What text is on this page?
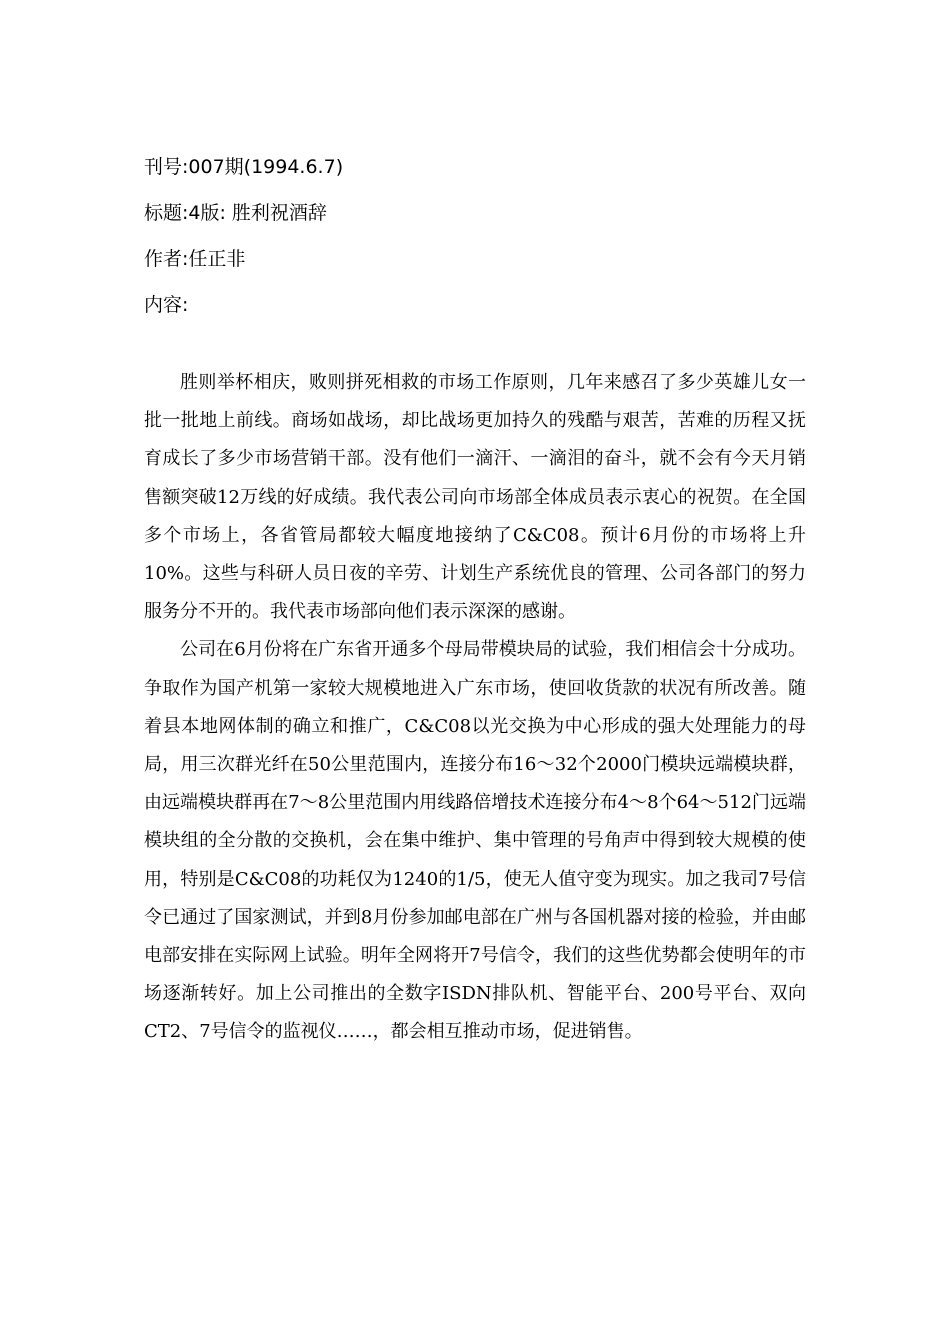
刊号:007期(1994.6.7)
标题:4版: 胜利祝酒辞
作者:任正非
内容:

胜则举杯相庆，败则拼死相救的市场工作原则，几年来感召了多少英雄儿女一批一批地上前线。商场如战场，却比战场更加持久的残酷与艰苦，苦难的历程又抚育成长了多少市场营销干部。没有他们一滴汗、一滴泪的奋斗，就不会有今天月销售额突破12万线的好成绩。我代表公司向市场部全体成员表示衷心的祝贺。在全国多个市场上，各省管局都较大幅度地接纳了C&C08。预计6月份的市场将上升10%。这些与科研人员日夜的辛劳、计划生产系统优良的管理、公司各部门的努力服务分不开的。我代表市场部向他们表示深深的感谢。

公司在6月份将在广东省开通多个母局带模块局的试验，我们相信会十分成功。争取作为国产机第一家较大规模地进入广东市场，使回收货款的状况有所改善。随着县本地网体制的确立和推广，C&C08以光交换为中心形成的强大处理能力的母局，用三次群光纤在50公里范围内，连接分布16～32个2000门模块远端模块群，由远端模块群再在7～8公里范围内用线路倍增技术连接分布4～8个64～512门远端模块组的全分散的交换机，会在集中维护、集中管理的号角声中得到较大规模的使用，特别是C&C08的功耗仅为1240的1/5，使无人值守变为现实。加之我司7号信令已通过了国家测试，并到8月份参加邮电部在广州与各国机器对接的检验，并由邮电部安排在实际网上试验。明年全网将开7号信令，我们的这些优势都会使明年的市场逐渐转好。加上公司推出的全数字ISDN排队机、智能平台、200号平台、双向CT2、7号信令的监视仪……，都会相互推动市场，促进销售。
